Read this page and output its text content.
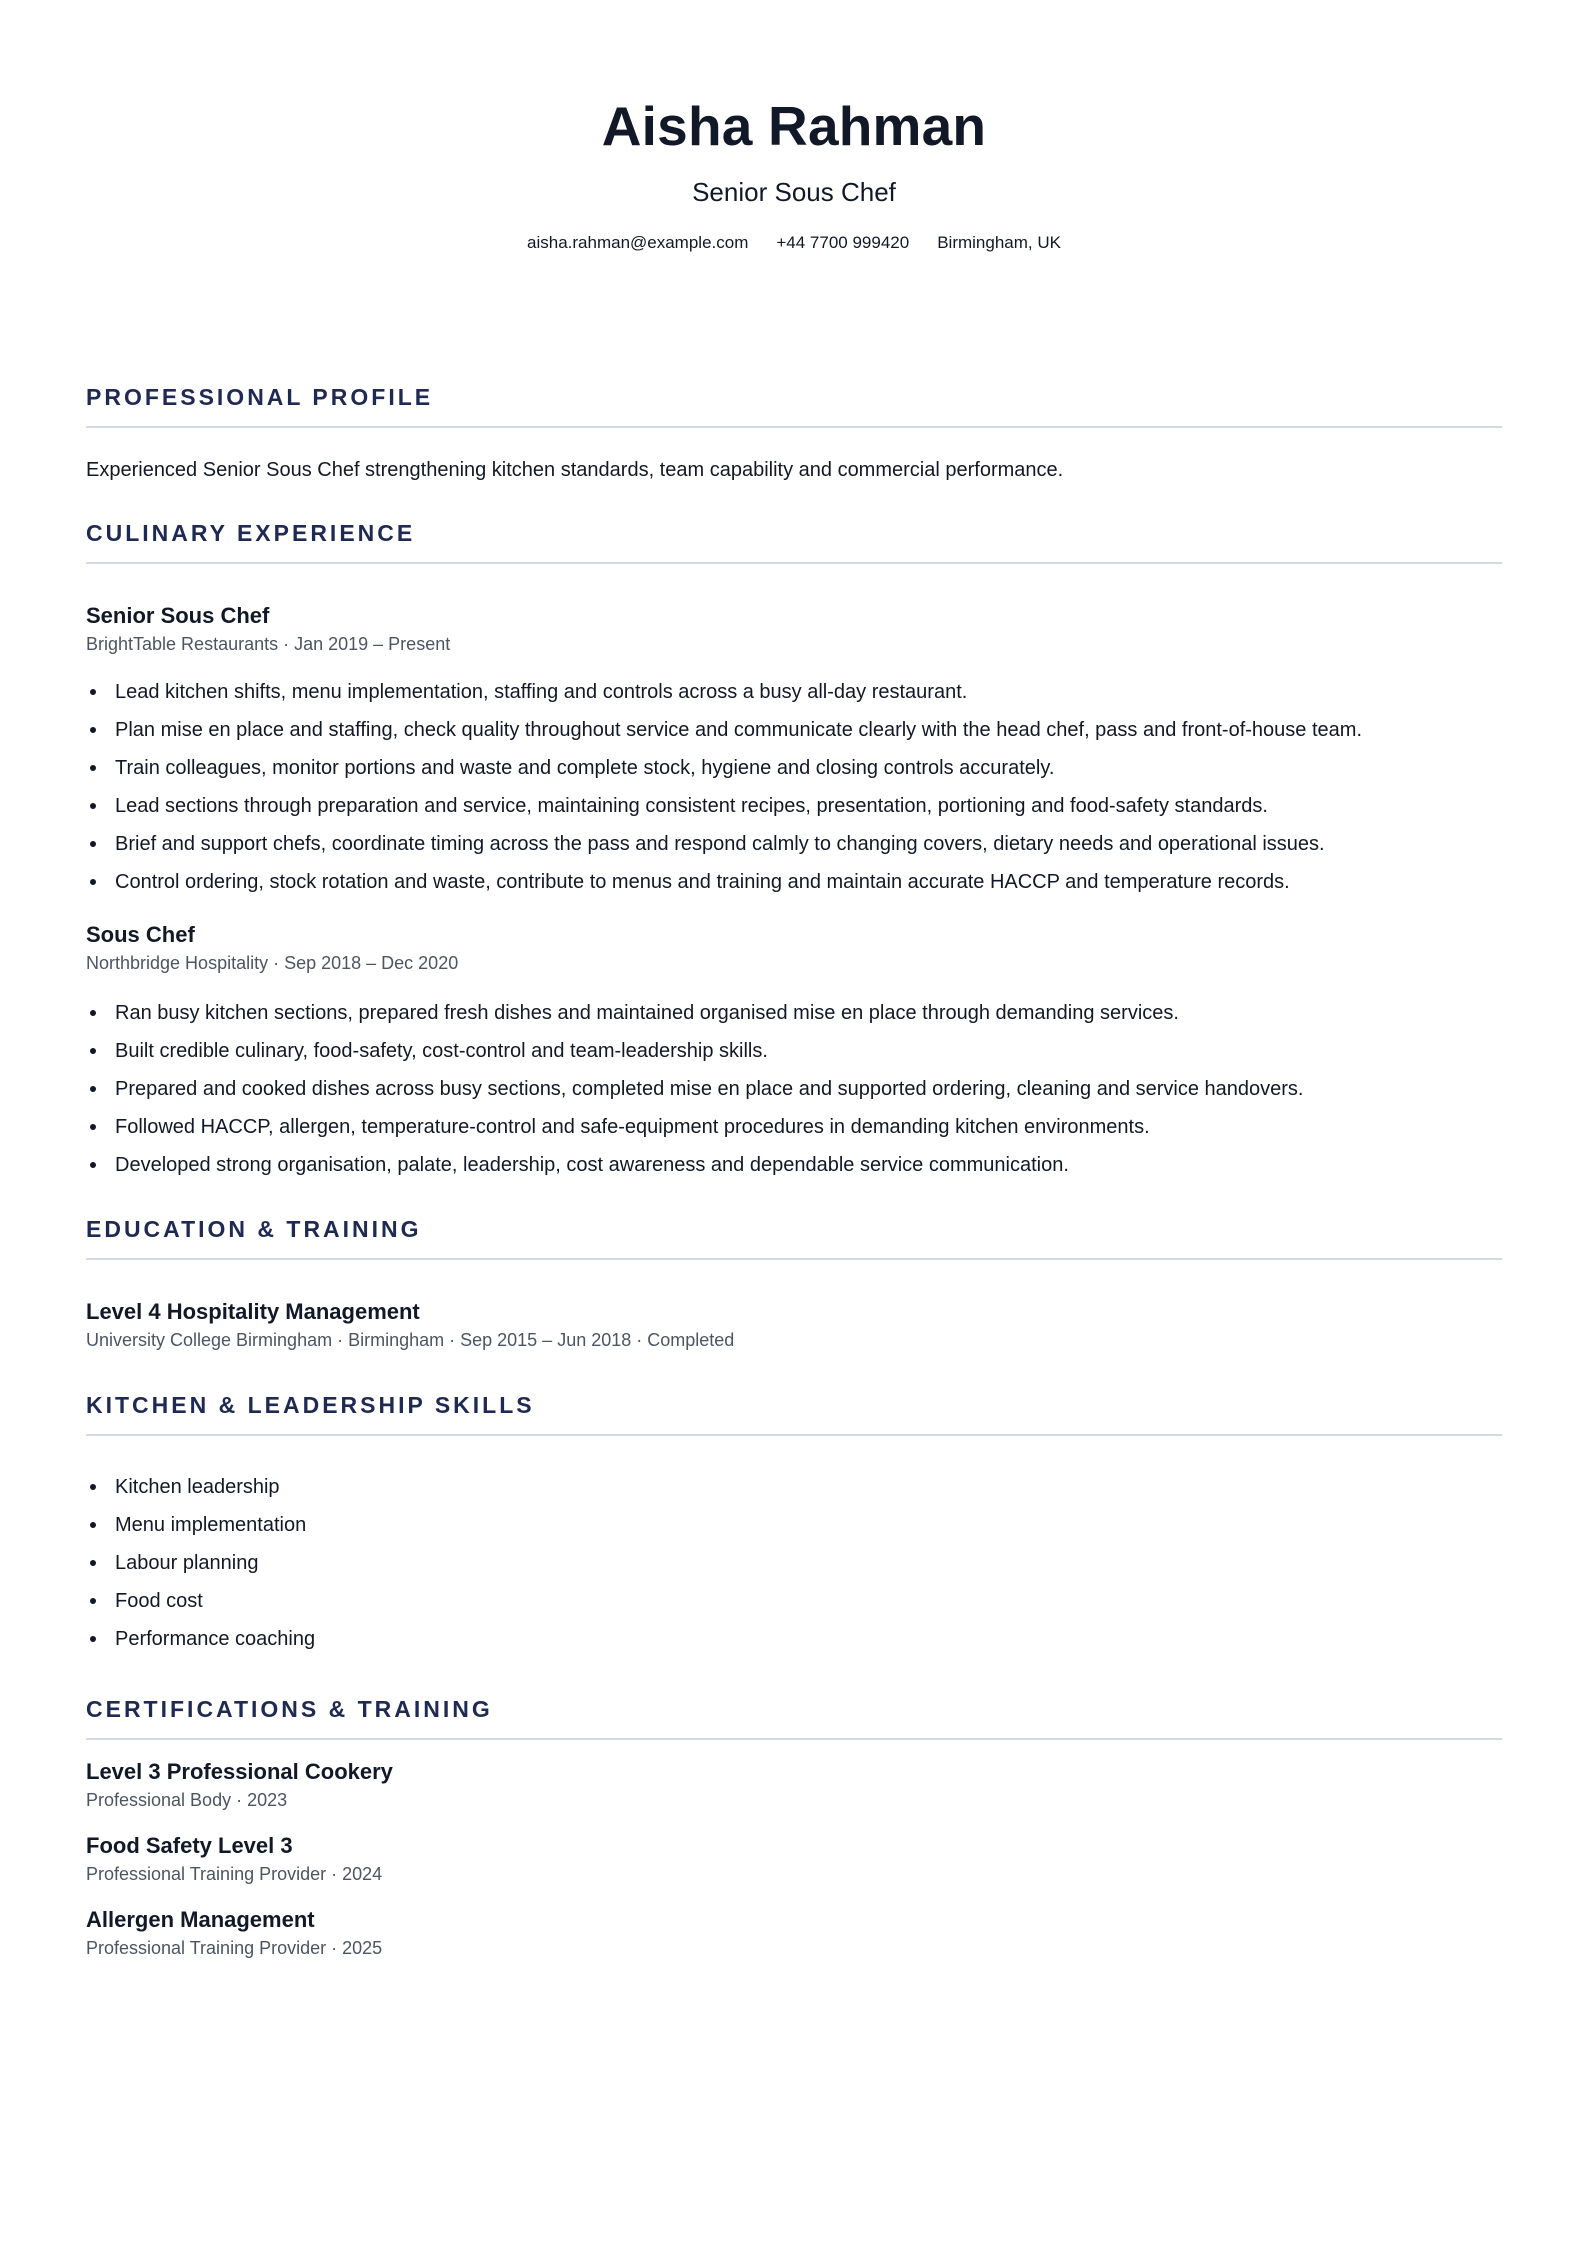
Aisha Rahman
Senior Sous Chef
aisha.rahman@example.com +44 7700 999420 Birmingham, UK
PROFESSIONAL PROFILE
Experienced Senior Sous Chef strengthening kitchen standards, team capability and commercial performance.
CULINARY EXPERIENCE
Senior Sous Chef
BrightTable Restaurants · Jan 2019 – Present
Lead kitchen shifts, menu implementation, staffing and controls across a busy all-day restaurant.
Plan mise en place and staffing, check quality throughout service and communicate clearly with the head chef, pass and front-of-house team.
Train colleagues, monitor portions and waste and complete stock, hygiene and closing controls accurately.
Lead sections through preparation and service, maintaining consistent recipes, presentation, portioning and food-safety standards.
Brief and support chefs, coordinate timing across the pass and respond calmly to changing covers, dietary needs and operational issues.
Control ordering, stock rotation and waste, contribute to menus and training and maintain accurate HACCP and temperature records.
Sous Chef
Northbridge Hospitality · Sep 2018 – Dec 2020
Ran busy kitchen sections, prepared fresh dishes and maintained organised mise en place through demanding services.
Built credible culinary, food-safety, cost-control and team-leadership skills.
Prepared and cooked dishes across busy sections, completed mise en place and supported ordering, cleaning and service handovers.
Followed HACCP, allergen, temperature-control and safe-equipment procedures in demanding kitchen environments.
Developed strong organisation, palate, leadership, cost awareness and dependable service communication.
EDUCATION & TRAINING
Level 4 Hospitality Management
University College Birmingham · Birmingham · Sep 2015 – Jun 2018 · Completed
KITCHEN & LEADERSHIP SKILLS
Kitchen leadership
Menu implementation
Labour planning
Food cost
Performance coaching
CERTIFICATIONS & TRAINING
Level 3 Professional Cookery
Professional Body · 2023
Food Safety Level 3
Professional Training Provider · 2024
Allergen Management
Professional Training Provider · 2025
